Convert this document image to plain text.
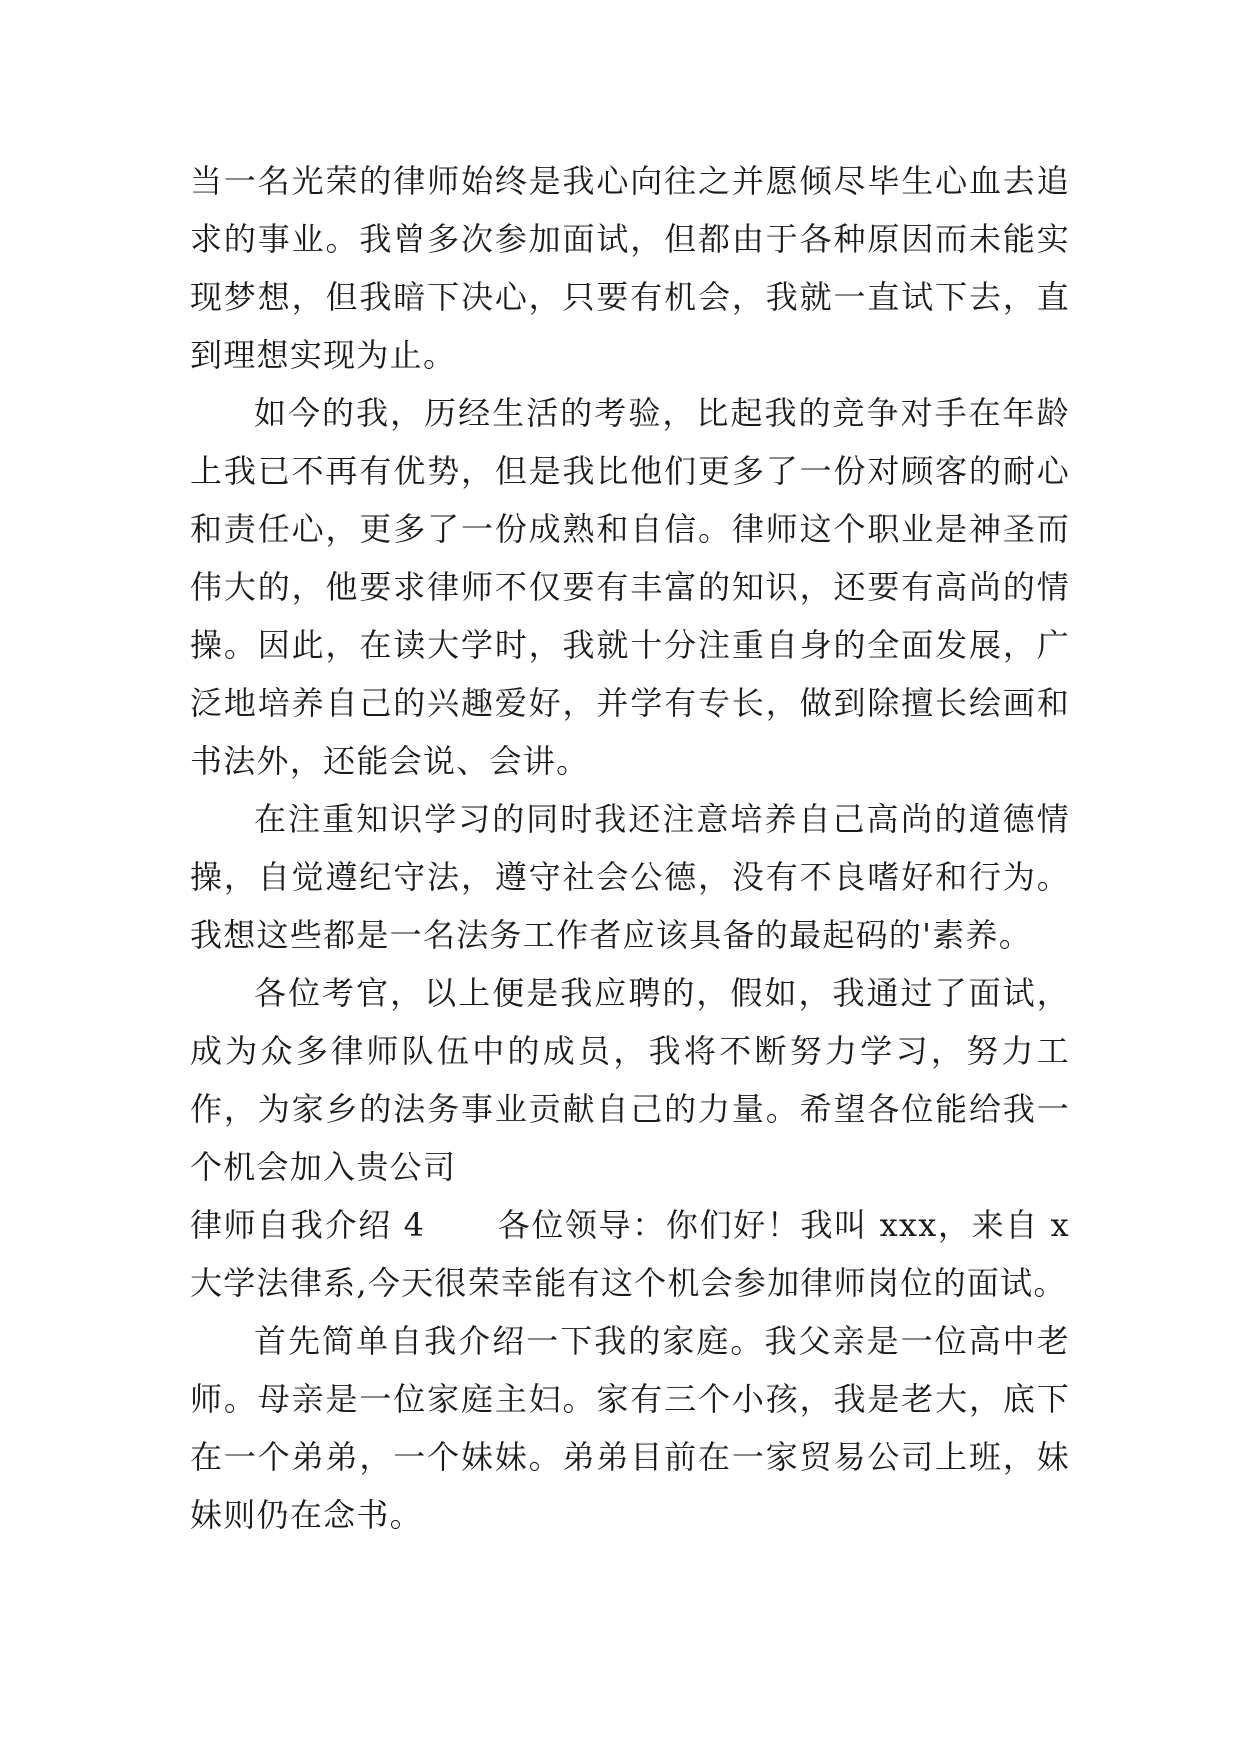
当一名光荣的律师始终是我心向往之并愿倾尽毕生心血去追求的事业。我曾多次参加面试，但都由于各种原因而未能实现梦想，但我暗下决心，只要有机会，我就一直试下去，直到理想实现为止。

如今的我，历经生活的考验，比起我的竞争对手在年龄上我已不再有优势，但是我比他们更多了一份对顾客的耐心和责任心，更多了一份成熟和自信。律师这个职业是神圣而伟大的，他要求律师不仅要有丰富的知识，还要有高尚的情操。因此，在读大学时，我就十分注重自身的全面发展，广泛地培养自己的兴趣爱好，并学有专长，做到除擅长绘画和书法外，还能会说、会讲。

在注重知识学习的同时我还注意培养自己高尚的道德情操，自觉遵纪守法，遵守社会公德，没有不良嗜好和行为。我想这些都是一名法务工作者应该具备的最起码的'素养。

各位考官，以上便是我应聘的，假如，我通过了面试，成为众多律师队伍中的成员，我将不断努力学习，努力工作，为家乡的法务事业贡献自己的力量。希望各位能给我一个机会加入贵公司

律师自我介绍 4 各位领导：你们好！我叫 xxx，来自 x 大学法律系,今天很荣幸能有这个机会参加律师岗位的面试。

首先简单自我介绍一下我的家庭。我父亲是一位高中老师。母亲是一位家庭主妇。家有三个小孩，我是老大，底下在一个弟弟，一个妹妹。弟弟目前在一家贸易公司上班，妹妹则仍在念书。
